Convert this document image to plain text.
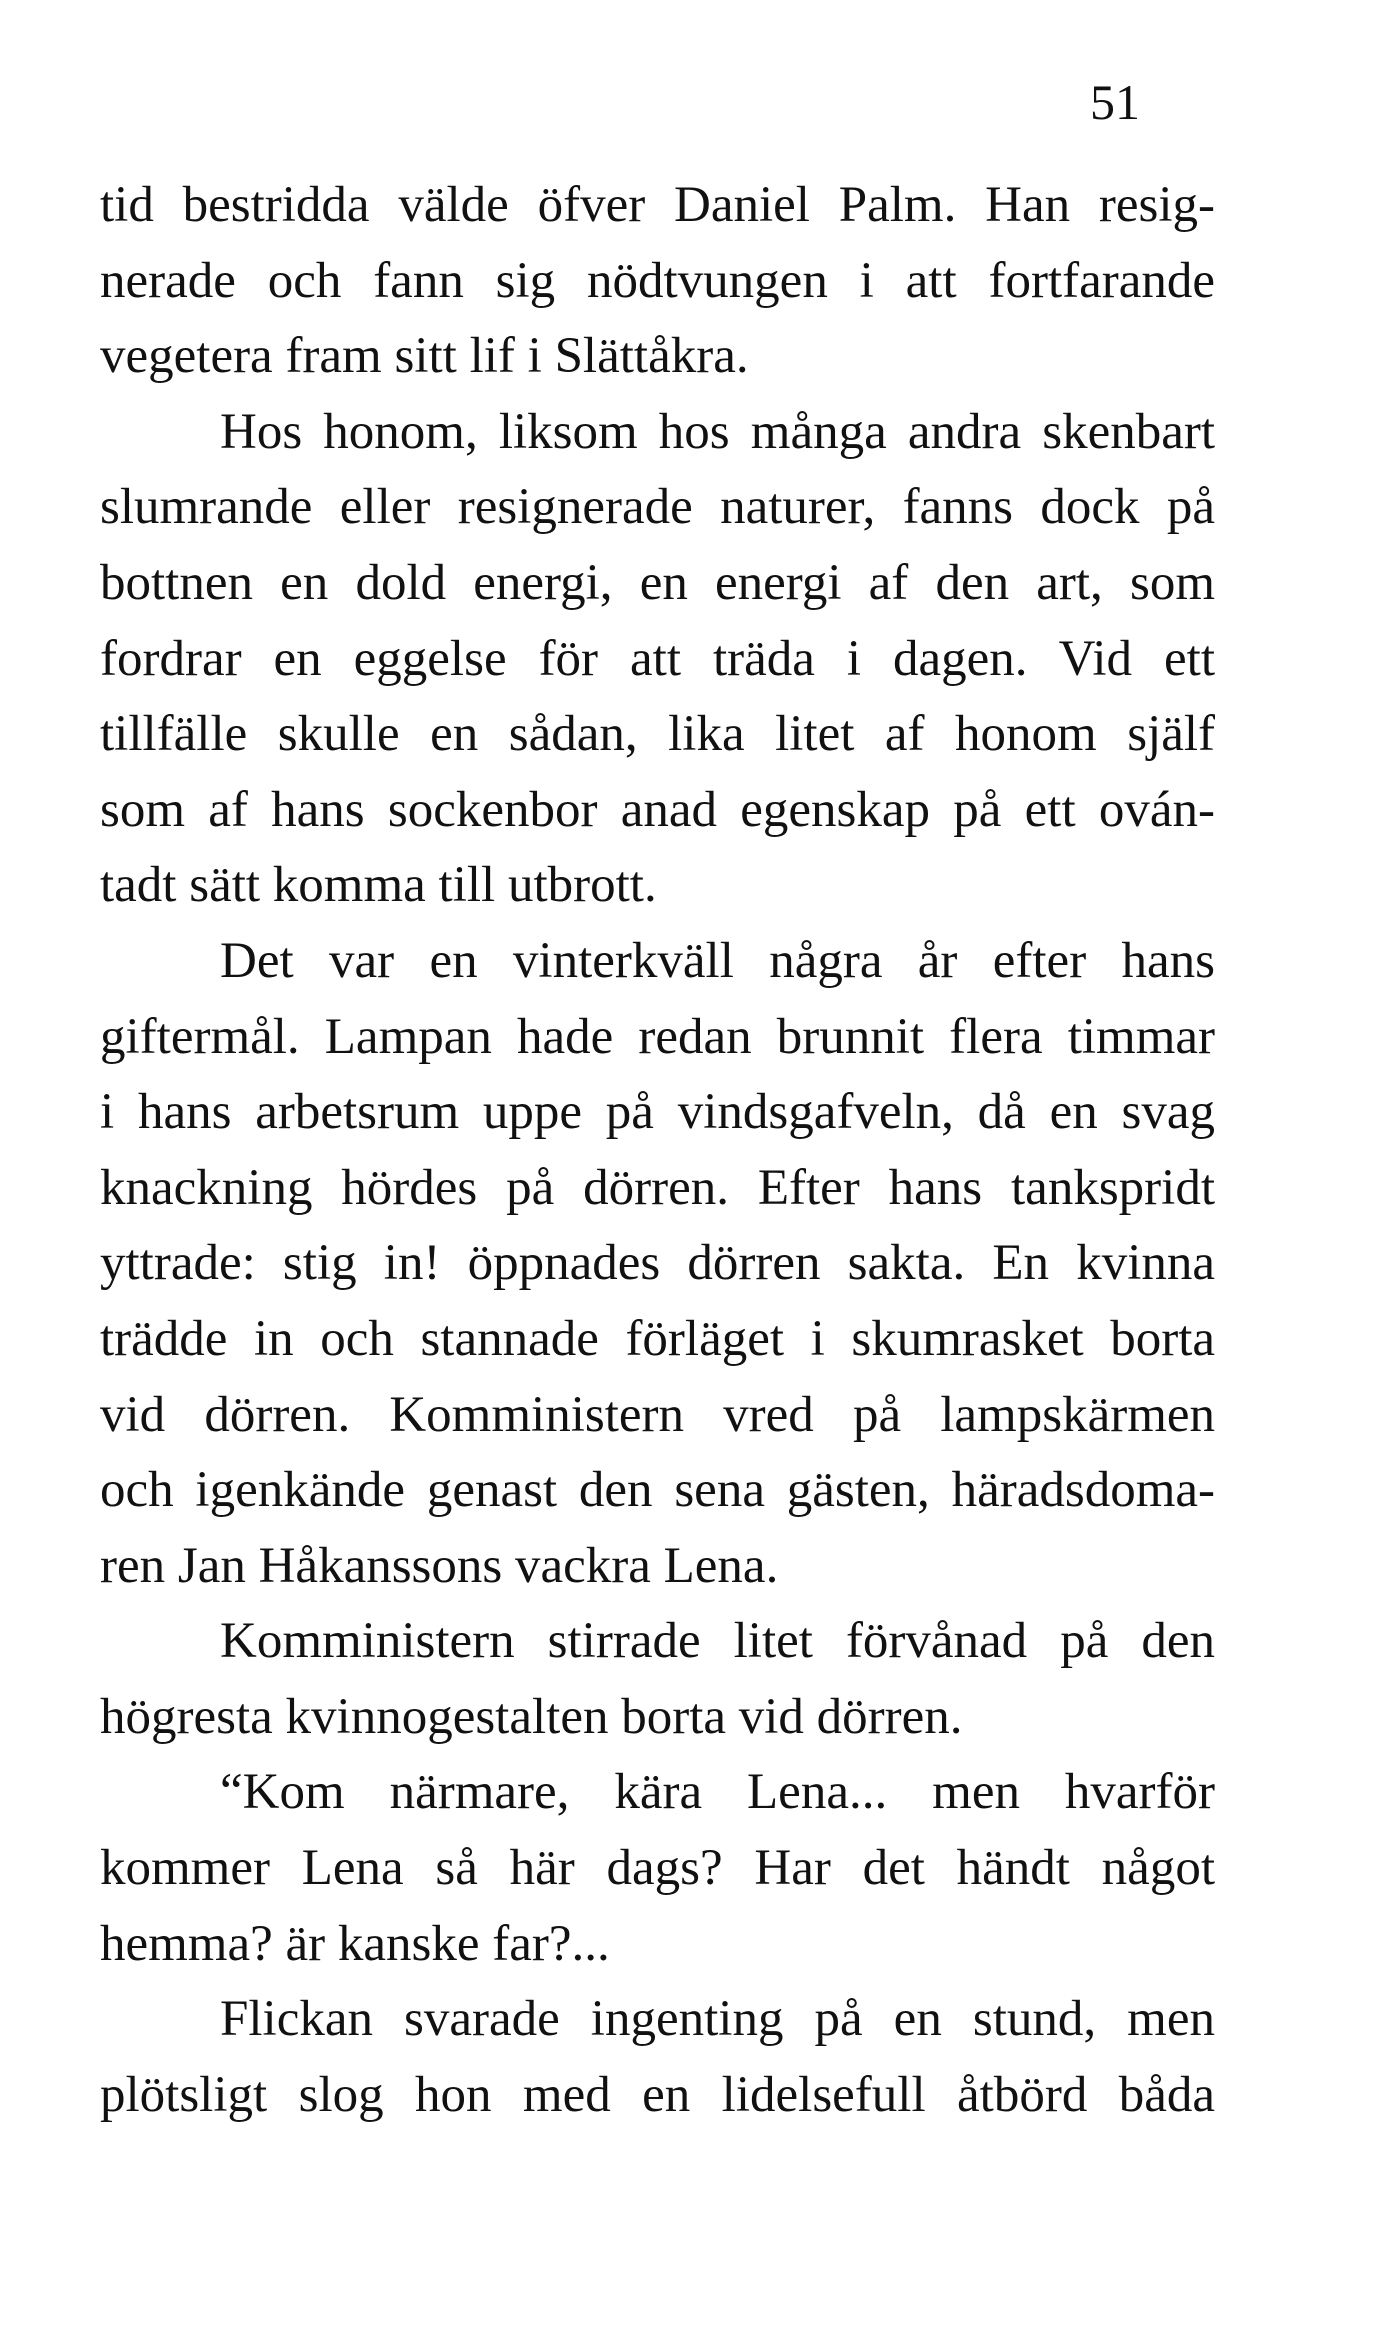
51
tid bestridda välde öfver Daniel Palm. Han resig-
nerade och fann sig nödtvungen i att fortfarande
vegetera fram sitt lif i Slättåkra.
Hos honom, liksom hos många andra skenbart
slumrande eller resignerade naturer, fanns dock på
bottnen en dold energi, en energi af den art, som
fordrar en eggelse för att träda i dagen. Vid ett
tillfälle skulle en sådan, lika litet af honom själf
som af hans sockenbor anad egenskap på ett ován-
tadt sätt komma till utbrott.
Det var en vinterkväll några år efter hans
giftermål. Lampan hade redan brunnit flera timmar
i hans arbetsrum uppe på vindsgafveln, då en svag
knackning hördes på dörren. Efter hans tankspridt
yttrade: stig in! öppnades dörren sakta. En kvinna
trädde in och stannade förläget i skumrasket borta
vid dörren. Komministern vred på lampskärmen
och igenkände genast den sena gästen, häradsdoma-
ren Jan Håkanssons vackra Lena.
Komministern stirrade litet förvånad på den
högresta kvinnogestalten borta vid dörren.
“Kom närmare, kära Lena... men hvarför
kommer Lena så här dags? Har det händt något
hemma? är kanske far?...
Flickan svarade ingenting på en stund, men
plötsligt slog hon med en lidelsefull åtbörd båda
